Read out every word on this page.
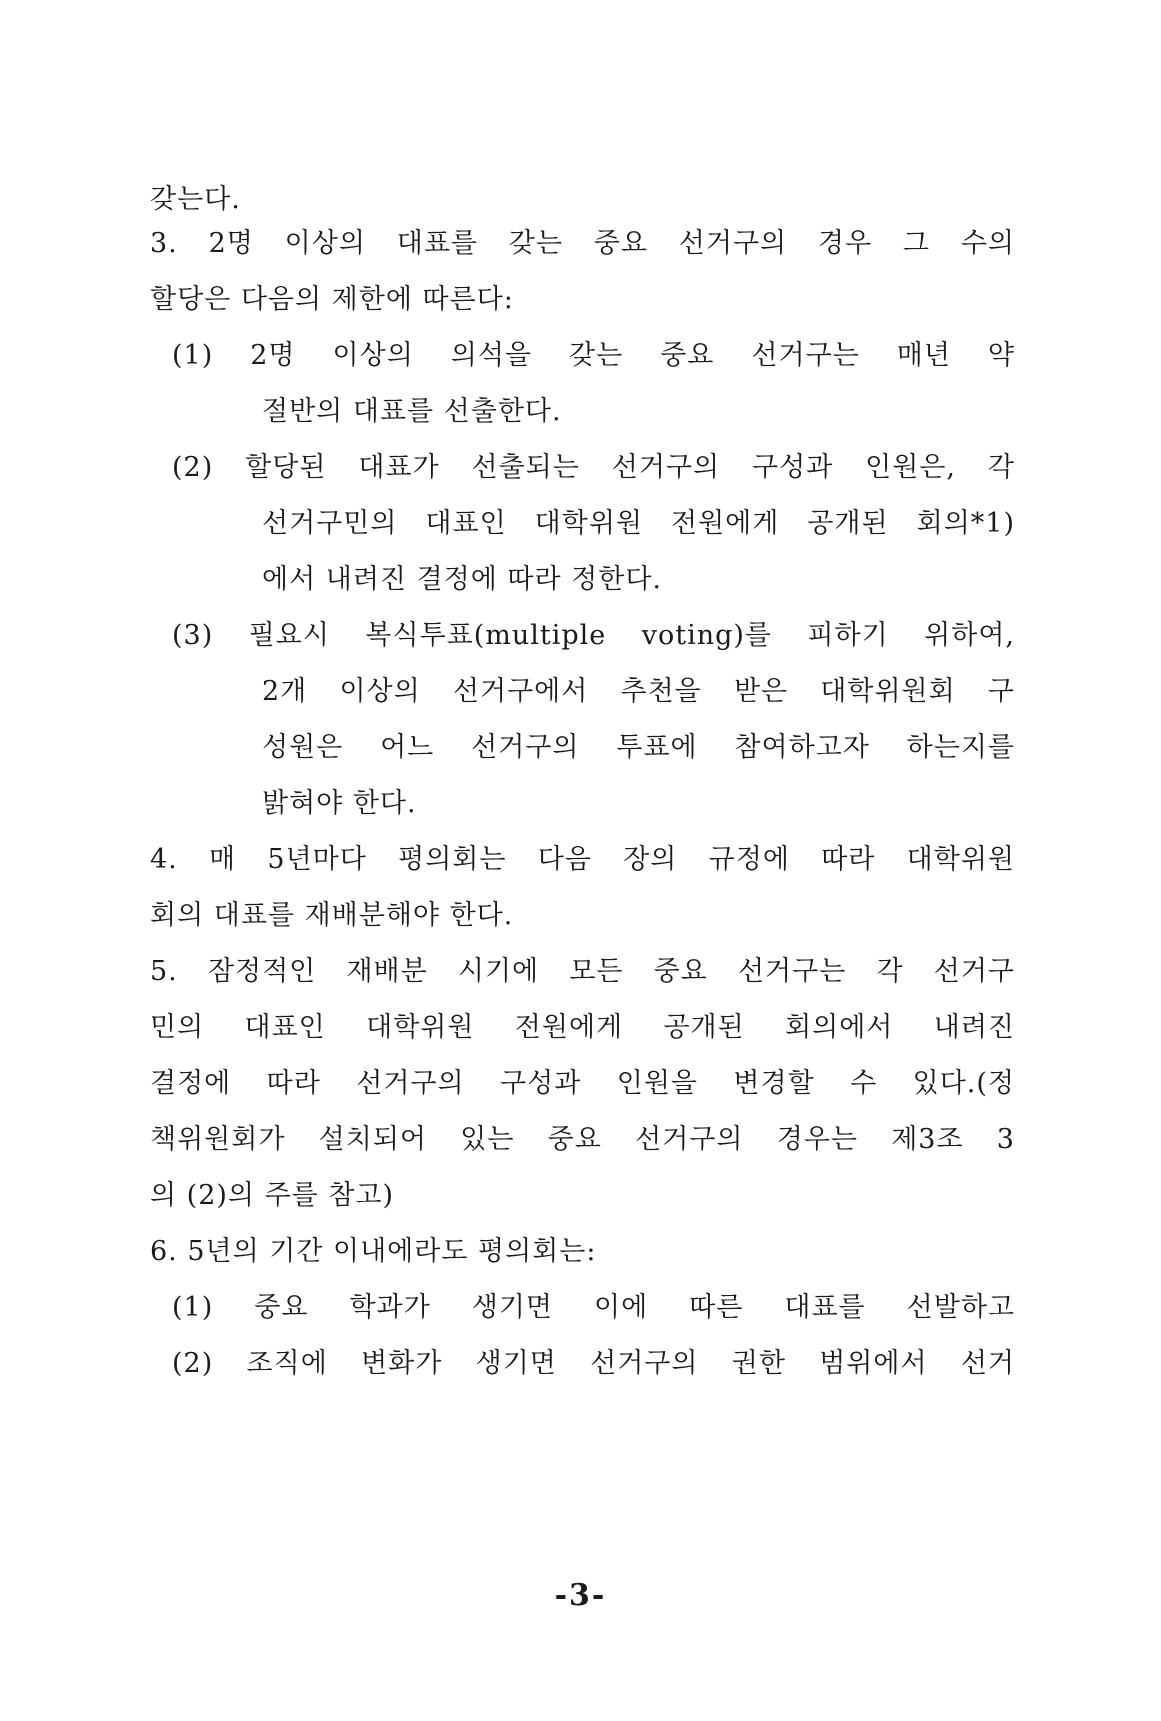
갖는다.
3. 2명 이상의 대표를 갖는 중요 선거구의 경우 그 수의
할당은 다음의 제한에 따른다:
(1) 2명 이상의 의석을 갖는 중요 선거구는 매년 약
절반의 대표를 선출한다.
(2) 할당된 대표가 선출되는 선거구의 구성과 인원은, 각
선거구민의 대표인 대학위원 전원에게 공개된 회의*1)
에서 내려진 결정에 따라 정한다.
(3) 필요시 복식투표(multiple voting)를 피하기 위하여,
2개 이상의 선거구에서 추천을 받은 대학위원회 구
성원은 어느 선거구의 투표에 참여하고자 하는지를
밝혀야 한다.
4. 매 5년마다 평의회는 다음 장의 규정에 따라 대학위원
회의 대표를 재배분해야 한다.
5. 잠정적인 재배분 시기에 모든 중요 선거구는 각 선거구
민의 대표인 대학위원 전원에게 공개된 회의에서 내려진
결정에 따라 선거구의 구성과 인원을 변경할 수 있다.(정
책위원회가 설치되어 있는 중요 선거구의 경우는 제3조 3
의 (2)의 주를 참고)
6. 5년의 기간 이내에라도 평의회는:
(1) 중요 학과가 생기면 이에 따른 대표를 선발하고
(2) 조직에 변화가 생기면 선거구의 권한 범위에서 선거
-3-
